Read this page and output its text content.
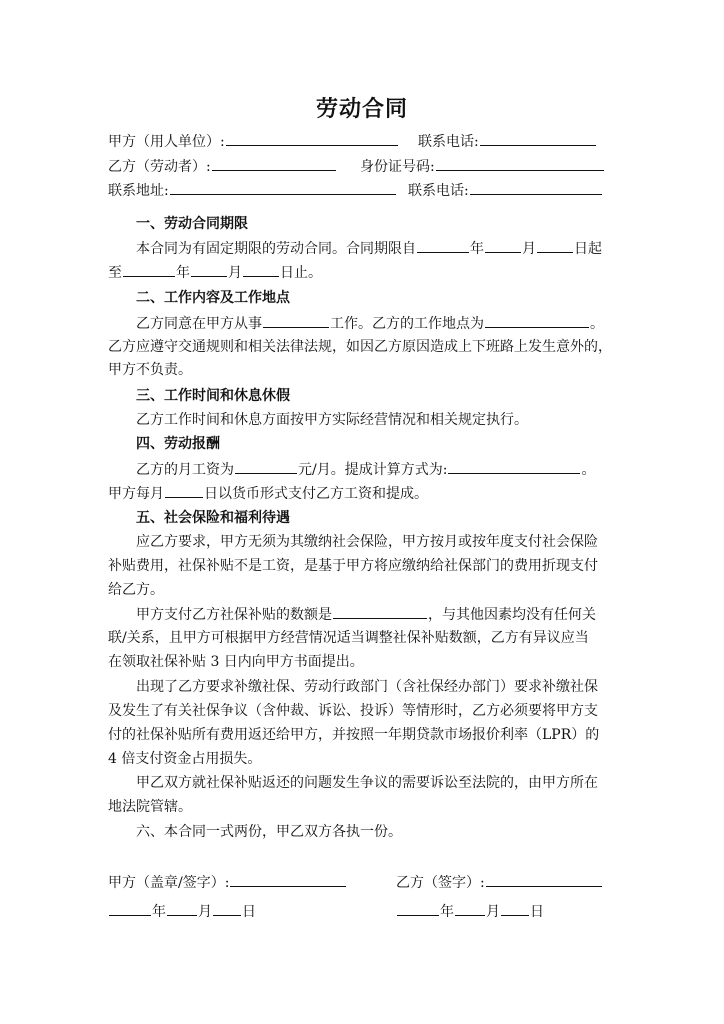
劳动合同
甲方（用人单位）:	联系电话:
乙方（劳动者）:	身份证号码:
联系地址:	联系电话:
一、劳动合同期限
本合同为有固定期限的劳动合同。合同期限自	年	月	日起
至	年	月	日止。
二、工作内容及工作地点
乙方同意在甲方从事	工作。乙方的工作地点为	。
乙方应遵守交通规则和相关法律法规，如因乙方原因造成上下班路上发生意外的，
甲方不负责。
三、工作时间和休息休假
乙方工作时间和休息方面按甲方实际经营情况和相关规定执行。
四、劳动报酬
乙方的月工资为	元/月。提成计算方式为:	。
甲方每月	日以货币形式支付乙方工资和提成。
五、社会保险和福利待遇
应乙方要求，甲方无须为其缴纳社会保险，甲方按月或按年度支付社会保险
补贴费用，社保补贴不是工资，是基于甲方将应缴纳给社保部门的费用折现支付
给乙方。
甲方支付乙方社保补贴的数额是	，与其他因素均没有任何关
联/关系，且甲方可根据甲方经营情况适当调整社保补贴数额，乙方有异议应当
在领取社保补贴 3 日内向甲方书面提出。
出现了乙方要求补缴社保、劳动行政部门（含社保经办部门）要求补缴社保
及发生了有关社保争议（含仲裁、诉讼、投诉）等情形时，乙方必须要将甲方支
付的社保补贴所有费用返还给甲方，并按照一年期贷款市场报价利率（LPR）的
4 倍支付资金占用损失。
甲乙双方就社保补贴返还的问题发生争议的需要诉讼至法院的，由甲方所在
地法院管辖。
六、本合同一式两份，甲乙双方各执一份。
甲方（盖章/签字）:	乙方（签字）:
年 月 日	年 月 日
